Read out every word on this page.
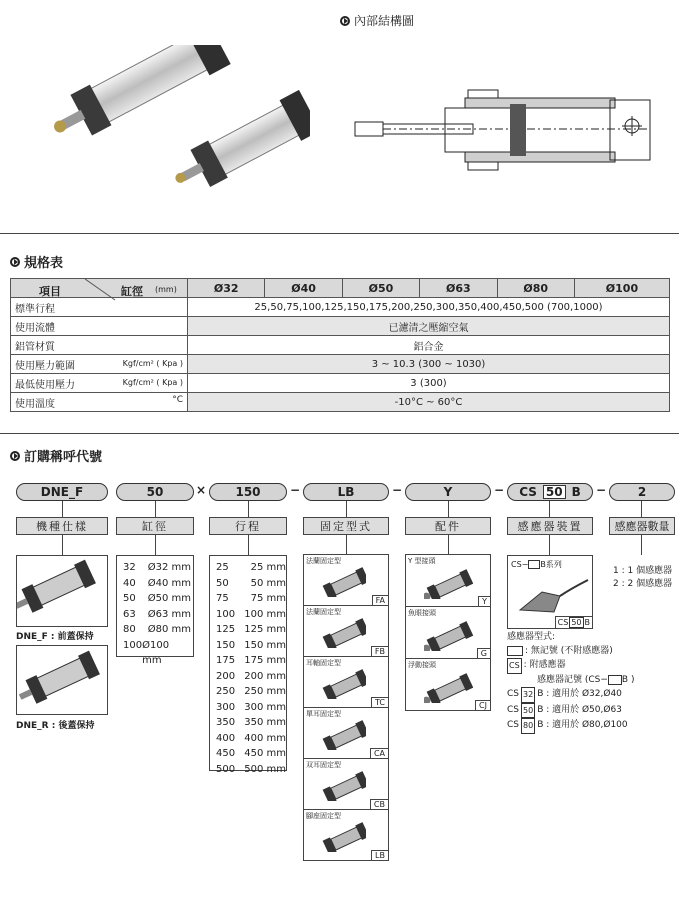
內部結構圖
規格表
項目 缸徑 (mm)	Ø32	Ø40	Ø50	Ø63	Ø80	Ø100
標準行程	25,50,75,100,125,150,175,200,250,300,350,400,450,500 (700,1000)					
使用流體	已濾清之壓縮空氣					
鋁管材質	鋁合金					
使用壓力範圍 Kgf/cm² ( Kpa )	3 ~ 10.3 (300 ~ 1030)					
最低使用壓力 Kgf/cm² ( Kpa )	3 (300)					
使用溫度 °C	-10°C ~ 60°C					
訂購稱呼代號
DNE_F	50	×	150	−	LB	−	Y	− CS 50 B −	2
機種仕樣	缸徑	行程	固定型式	配件	感應器裝置	感應器數量
DNE_F : 前蓋保持
DNE_R : 後蓋保持
32 Ø32 mm
40 Ø40 mm
50 Ø50 mm
63 Ø63 mm
80 Ø80 mm
100 Ø100 mm
25 25 mm
50 50 mm
75 75 mm
100 100 mm
125 125 mm
150 150 mm
175 175 mm
200 200 mm
250 250 mm
300 300 mm
350 350 mm
400 400 mm
450 450 mm
500 500 mm
法蘭固定型
FA
法蘭固定型
FB
耳軸固定型
TC
單耳固定型
CA
双耳固定型
CB
腳座固定型
LB
Y 型接頭
Y
魚眼接頭
G
浮動接頭
CJ
CS− B系列
CS 50 B
感應器型式:
: 無記號 (不附感應器)
CS : 附感應器
感應器記號 (CS− B )
CS 32 B : 適用於 Ø32,Ø40
CS 50 B : 適用於 Ø50,Ø63
CS 80 B : 適用於 Ø80,Ø100
1 : 1 個感應器
2 : 2 個感應器
